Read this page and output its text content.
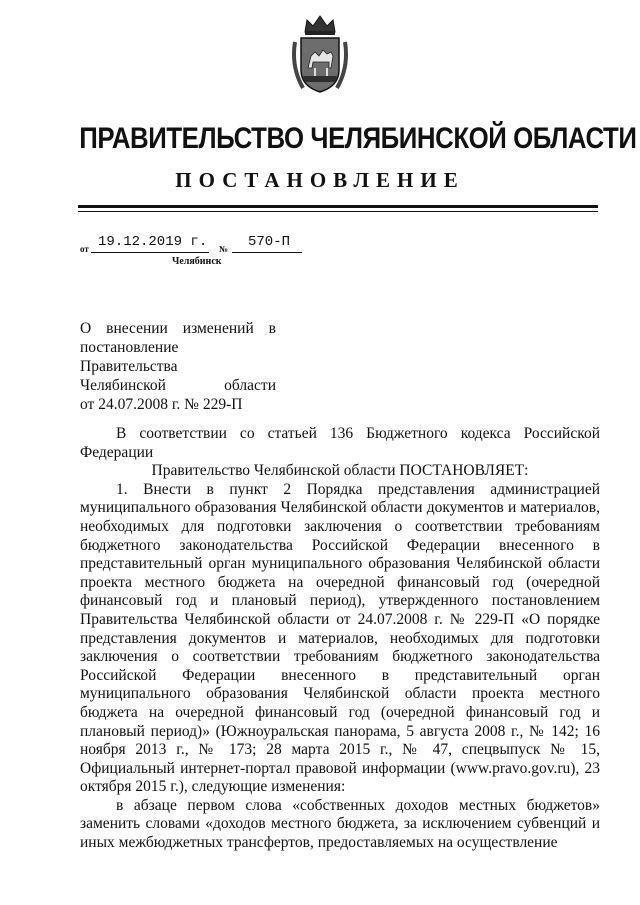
ПРАВИТЕЛЬСТВО ЧЕЛЯБИНСКОЙ ОБЛАСТИ
ПОСТАНОВЛЕНИЕ
от 19.12.2019 г. № 570-П
Челябинск
О внесении изменений в
постановление Правительства
Челябинской области
от 24.07.2008 г. № 229-П

В соответствии со статьей 136 Бюджетного кодекса Российской Федерации

Правительство Челябинской области ПОСТАНОВЛЯЕТ:

1. Внести в пункт 2 Порядка представления администрацией муниципального образования Челябинской области документов и материалов, необходимых для подготовки заключения о соответствии требованиям бюджетного законодательства Российской Федерации внесенного в представительный орган муниципального образования Челябинской области проекта местного бюджета на очередной финансовый год (очередной финансовый год и плановый период), утвержденного постановлением Правительства Челябинской области от 24.07.2008 г. № 229-П «О порядке представления документов и материалов, необходимых для подготовки заключения о соответствии требованиям бюджетного законодательства Российской Федерации внесенного в представительный орган муниципального образования Челябинской области проекта местного бюджета на очередной финансовый год (очередной финансовый год и плановый период)» (Южноуральская панорама, 5 августа 2008 г., № 142; 16 ноября 2013 г., № 173; 28 марта 2015 г., № 47, спецвыпуск № 15, Официальный интернет-портал правовой информации (www.pravo.gov.ru), 23 октября 2015 г.), следующие изменения:

в абзаце первом слова «собственных доходов местных бюджетов» заменить словами «доходов местного бюджета, за исключением субвенций и иных межбюджетных трансфертов, предоставляемых на осуществление
